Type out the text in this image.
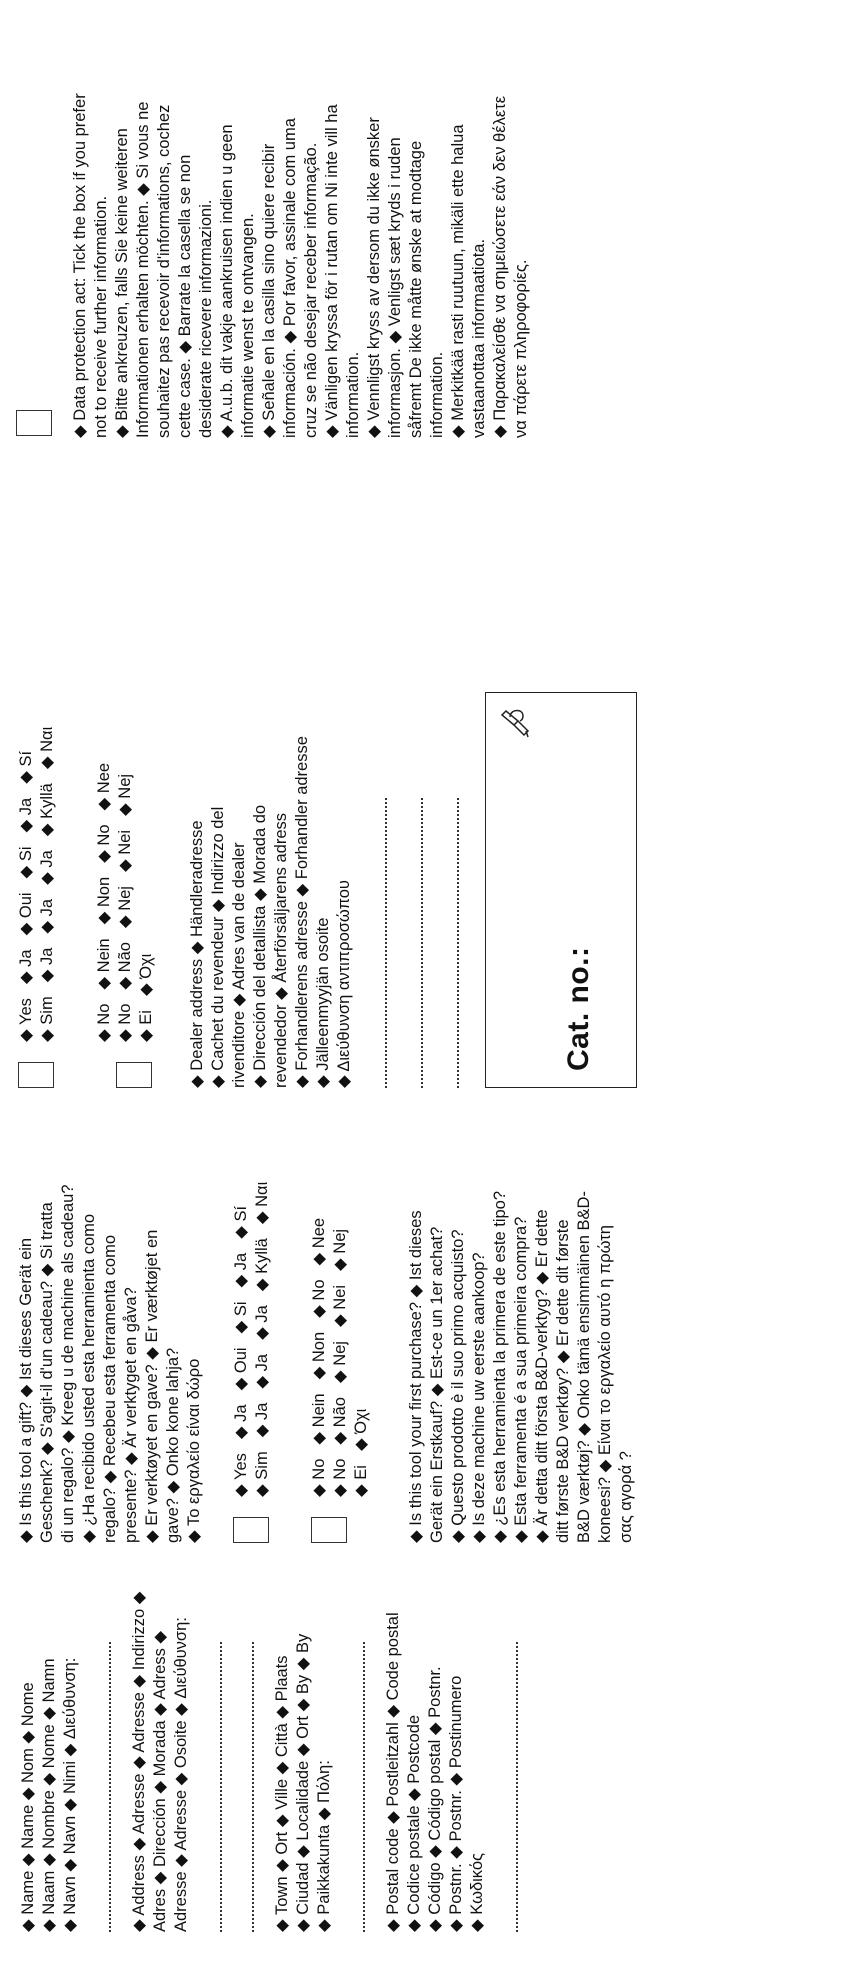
◆ Name ◆ Name ◆ Nom ◆ Nome ◆ Naam ◆ Nombre ◆ Nome ◆ Namn ◆ Navn ◆ Navn ◆ Nimi ◆ Διεύθυνση:	◆ Address ◆ Adresse ◆ Adresse ◆ Indirizzo ◆ Adres ◆ Dirección ◆ Morada ◆ Adress ◆ Adresse ◆ Adresse ◆ Osoite ◆ Διεύθυνση:	◆ Town ◆ Ort ◆ Ville ◆ Città ◆ Plaats ◆ Ciudad ◆ Localidade ◆ Ort ◆ By ◆ By ◆ Paikkakunta ◆ Πόλη:	◆ Postal code ◆ Postleitzahl ◆ Code postal ◆ Codice postale ◆ Postcode ◆ Código ◆ Código postal ◆ Postnr. ◆ Postnr. ◆ Postnr. ◆ Postinumero ◆ Κωδικός
◆ Is this tool a gift? ◆ Ist dieses Gerät ein Geschenk? ◆ S'agit-il d'un cadeau? ◆ Si tratta di un regalo? ◆ Kreeg u de machine als cadeau? ◆ ¿Ha recibido usted esta herramienta como regalo? ◆ Recebeu esta ferramenta como presente? ◆ Är verktyget en gåva? ◆ Er verktøyet en gave? ◆ Er værktøjet en gave? ◆ Onko kone lahja? ◆ Το εργαλείο είναι δώρο ◆ Yes◆ Ja◆ Oui◆ Si◆ Ja◆ Sí
◆ Sim◆ Ja◆ Ja◆ Ja◆ Kyllä◆ Ναι
◆ No◆ Nein◆ Non◆ No◆ Nee
◆ No◆ Não◆ Nej◆ Nei◆ Nej
◆ Ei◆ Όχι ◆ Is this tool your first purchase? ◆ Ist dieses Gerät ein Erstkauf? ◆ Est-ce un 1er achat? ◆ Questo prodotto è il suo primo acquisto? ◆ Is deze machine uw eerste aankoop? ◆ ¿Es esta herramienta la primera de este tipo? ◆ Esta ferramenta é a sua primeira compra? ◆ Är detta ditt första B&D-verktyg? ◆ Er dette ditt første B&D verktøy? ◆ Er dette dit første B&D værktøj? ◆ Onko tämä ensimmäinen B&D- koneesi? ◆ Είναι το εργαλείο αυτό η πρώτη σας αγορά ?
◆ Yes◆ Ja◆ Oui◆ Si◆ Ja◆ Sí
◆ Sim◆ Ja◆ Ja◆ Ja◆ Kyllä◆ Ναι
◆ No◆ Nein◆ Non◆ No◆ Nee
◆ No◆ Não◆ Nej◆ Nei◆ Nej
◆ Ei◆ Όχι ◆ Dealer address ◆ Händleradresse ◆ Cachet du revendeur ◆ Indirizzo del rivenditore ◆ Adres van de dealer ◆ Dirección del detallista ◆ Morada do revendedor ◆ Återförsäljarens adress ◆ Forhandlerens adresse ◆ Forhandler adresse ◆ Jälleenmyyjän osoite ◆ Διεύθυνση αντιπροσώπου	Cat. no.:
◆ Data protection act: Tick the box if you prefer not to receive further information. ◆ Bitte ankreuzen, falls Sie keine weiteren Informationen erhalten möchten. ◆ Si vous ne souhaitez pas recevoir d'informations, cochez cette case. ◆ Barrate la casella se non desiderate ricevere informazioni. ◆ A.u.b. dit vakje aankruisen indien u geen informatie wenst te ontvangen. ◆ Señale en la casilla sino quiere recibir información. ◆ Por favor, assinale com uma cruz se não desejar receber informação. ◆ Vänligen kryssa för i rutan om Ni inte vill ha information. ◆ Vennligst kryss av dersom du ikke ønsker informasjon. ◆ Venligst sæt kryds i ruden såfremt De ikke måtte ønske at modtage information. ◆ Merkitkää rasti ruutuun, mikäli ette halua vastaanottaa informaatiota. ◆ Παρακαλείσθε να σημειώσετε εάν δεν θέλετε να πάρετε πληροφορίες.
